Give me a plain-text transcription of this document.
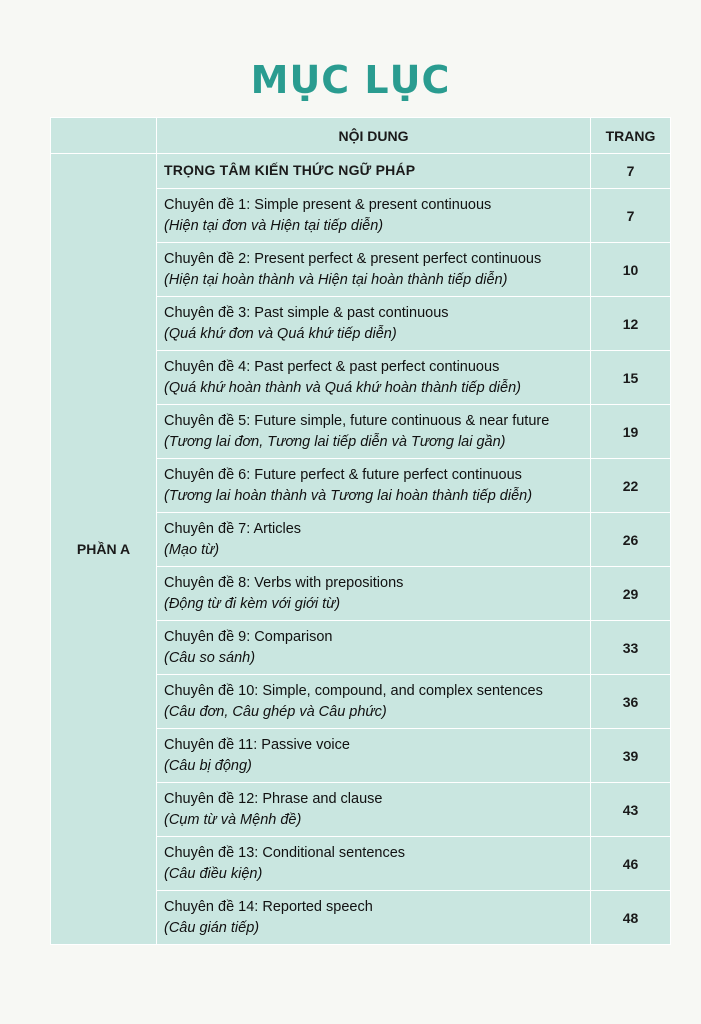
MỤC LỤC
	NỘI DUNG	TRANG
PHẦN A	TRỌNG TÂM KIẾN THỨC NGỮ PHÁP	7

	Chuyên đề 1: Simple present & present continuous
(Hiện tại đơn và Hiện tại tiếp diễn)	7

	Chuyên đề 2: Present perfect & present perfect continuous
(Hiện tại hoàn thành và Hiện tại hoàn thành tiếp diễn)	10

	Chuyên đề 3: Past simple & past continuous
(Quá khứ đơn và Quá khứ tiếp diễn)	12

	Chuyên đề 4: Past perfect & past perfect continuous
(Quá khứ hoàn thành và Quá khứ hoàn thành tiếp diễn)	15

	Chuyên đề 5: Future simple, future continuous & near future
(Tương lai đơn, Tương lai tiếp diễn và Tương lai gần)	19

	Chuyên đề 6: Future perfect & future perfect continuous
(Tương lai hoàn thành và Tương lai hoàn thành tiếp diễn)	22

	Chuyên đề 7: Articles
(Mạo từ)	26

	Chuyên đề 8: Verbs with prepositions
(Động từ đi kèm với giới từ)	29

	Chuyên đề 9: Comparison
(Câu so sánh)	33

	Chuyên đề 10: Simple, compound, and complex sentences
(Câu đơn, Câu ghép và Câu phức)	36

	Chuyên đề 11: Passive voice
(Câu bị động)	39

	Chuyên đề 12: Phrase and clause
(Cụm từ và Mệnh đề)	43

	Chuyên đề 13: Conditional sentences
(Câu điều kiện)	46

	Chuyên đề 14: Reported speech
(Câu gián tiếp)	48
